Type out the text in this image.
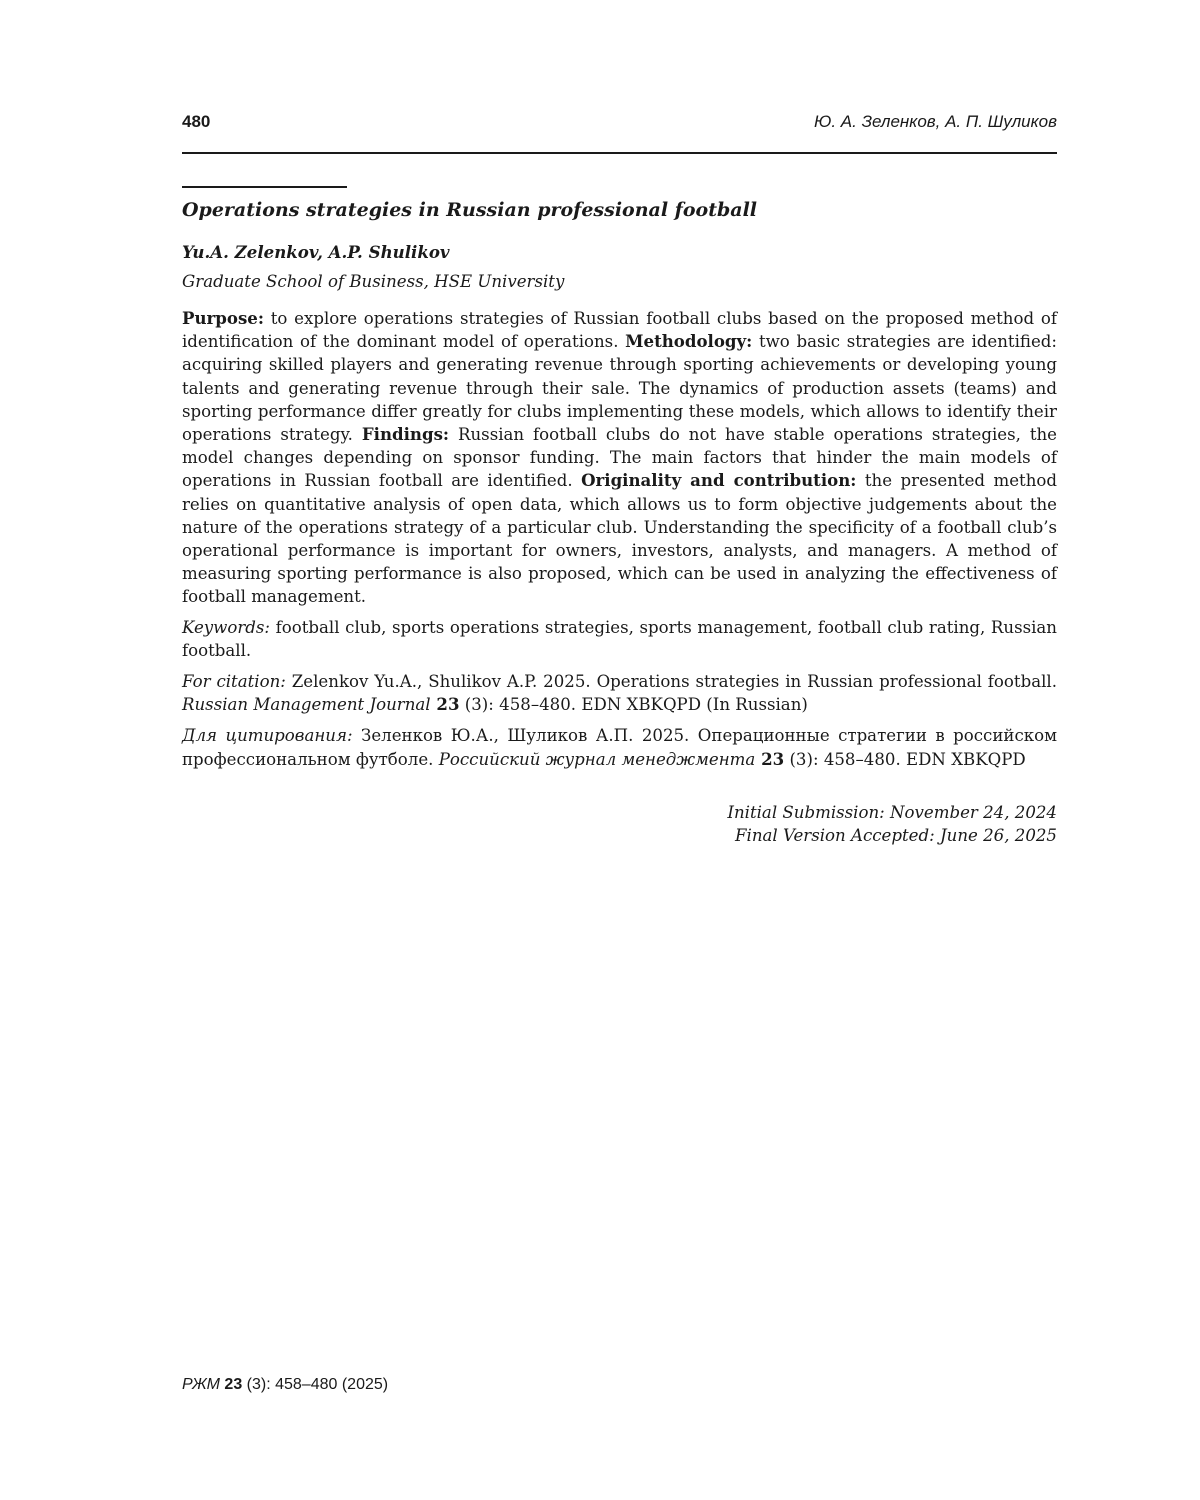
480	Ю. А. Зеленков, А. П. Шуликов
Operations strategies in Russian professional football
Yu.A. Zelenkov, A.P. Shulikov
Graduate School of Business, HSE University

Purpose: to explore operations strategies of Russian football clubs based on the proposed method of identification of the dominant model of operations. Methodology: two basic strategies are identified: acquiring skilled players and generating revenue through sporting achievements or developing young talents and generating revenue through their sale. The dynamics of production assets (teams) and sporting performance differ greatly for clubs implementing these models, which allows to identify their operations strategy. Findings: Russian football clubs do not have stable operations strategies, the model changes depending on sponsor funding. The main factors that hinder the main models of operations in Russian football are identified. Originality and contribution: the presented method relies on quantitative analysis of open data, which allows us to form objective judgements about the nature of the operations strategy of a particular club. Understanding the specificity of a football club’s operational performance is important for owners, investors, analysts, and managers. A method of measuring sporting performance is also proposed, which can be used in analyzing the effectiveness of football management.

Keywords: football club, sports operations strategies, sports management, football club rating, Russian football.

For citation: Zelenkov Yu.A., Shulikov A.P. 2025. Operations strategies in Russian professional football. Russian Management Journal 23 (3): 458–480. EDN XBKQPD (In Russian)

Для цитирования: Зеленков Ю.А., Шуликов А.П. 2025. Операционные стратегии в российском профессиональном футболе. Российский журнал менеджмента 23 (3): 458–480. EDN XBKQPD

Initial Submission: November 24, 2024
Final Version Accepted: June 26, 2025
РЖМ 23 (3): 458–480 (2025)
